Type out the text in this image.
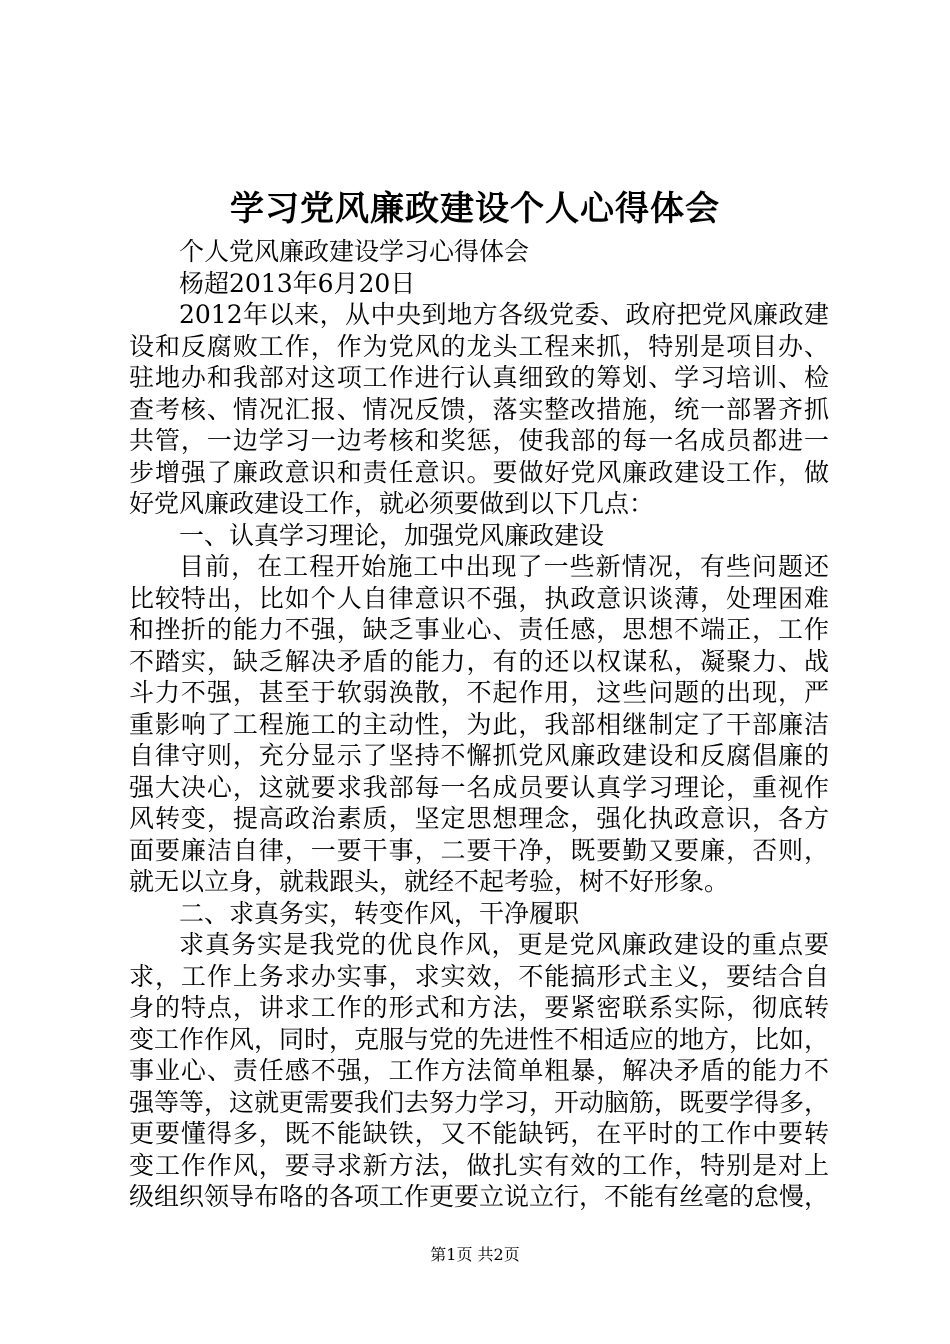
学习党风廉政建设个人心得体会
个人党风廉政建设学习心得体会
杨超2013年6月20日
2012年以来，从中央到地方各级党委、政府把党风廉政建
设和反腐败工作，作为党风的龙头工程来抓，特别是项目办、
驻地办和我部对这项工作进行认真细致的筹划、学习培训、检
查考核、情况汇报、情况反馈，落实整改措施，统一部署齐抓
共管，一边学习一边考核和奖惩，使我部的每一名成员都进一
步增强了廉政意识和责任意识。要做好党风廉政建设工作，做
好党风廉政建设工作，就必须要做到以下几点：
一、认真学习理论，加强党风廉政建设
目前，在工程开始施工中出现了一些新情况，有些问题还
比较特出，比如个人自律意识不强，执政意识谈薄，处理困难
和挫折的能力不强，缺乏事业心、责任感，思想不端正，工作
不踏实，缺乏解决矛盾的能力，有的还以权谋私，凝聚力、战
斗力不强，甚至于软弱涣散，不起作用，这些问题的出现，严
重影响了工程施工的主动性，为此，我部相继制定了干部廉洁
自律守则，充分显示了坚持不懈抓党风廉政建设和反腐倡廉的
强大决心，这就要求我部每一名成员要认真学习理论，重视作
风转变，提高政治素质，坚定思想理念，强化执政意识，各方
面要廉洁自律，一要干事，二要干净，既要勤又要廉，否则，
就无以立身，就栽跟头，就经不起考验，树不好形象。
二、求真务实，转变作风，干净履职
求真务实是我党的优良作风，更是党风廉政建设的重点要
求，工作上务求办实事，求实效，不能搞形式主义，要结合自
身的特点，讲求工作的形式和方法，要紧密联系实际，彻底转
变工作作风，同时，克服与党的先进性不相适应的地方，比如，
事业心、责任感不强，工作方法简单粗暴，解决矛盾的能力不
强等等，这就更需要我们去努力学习，开动脑筋，既要学得多，
更要懂得多，既不能缺铁，又不能缺钙，在平时的工作中要转
变工作作风，要寻求新方法，做扎实有效的工作，特别是对上
级组织领导布咯的各项工作更要立说立行，不能有丝毫的怠慢，
第1页 共2页
